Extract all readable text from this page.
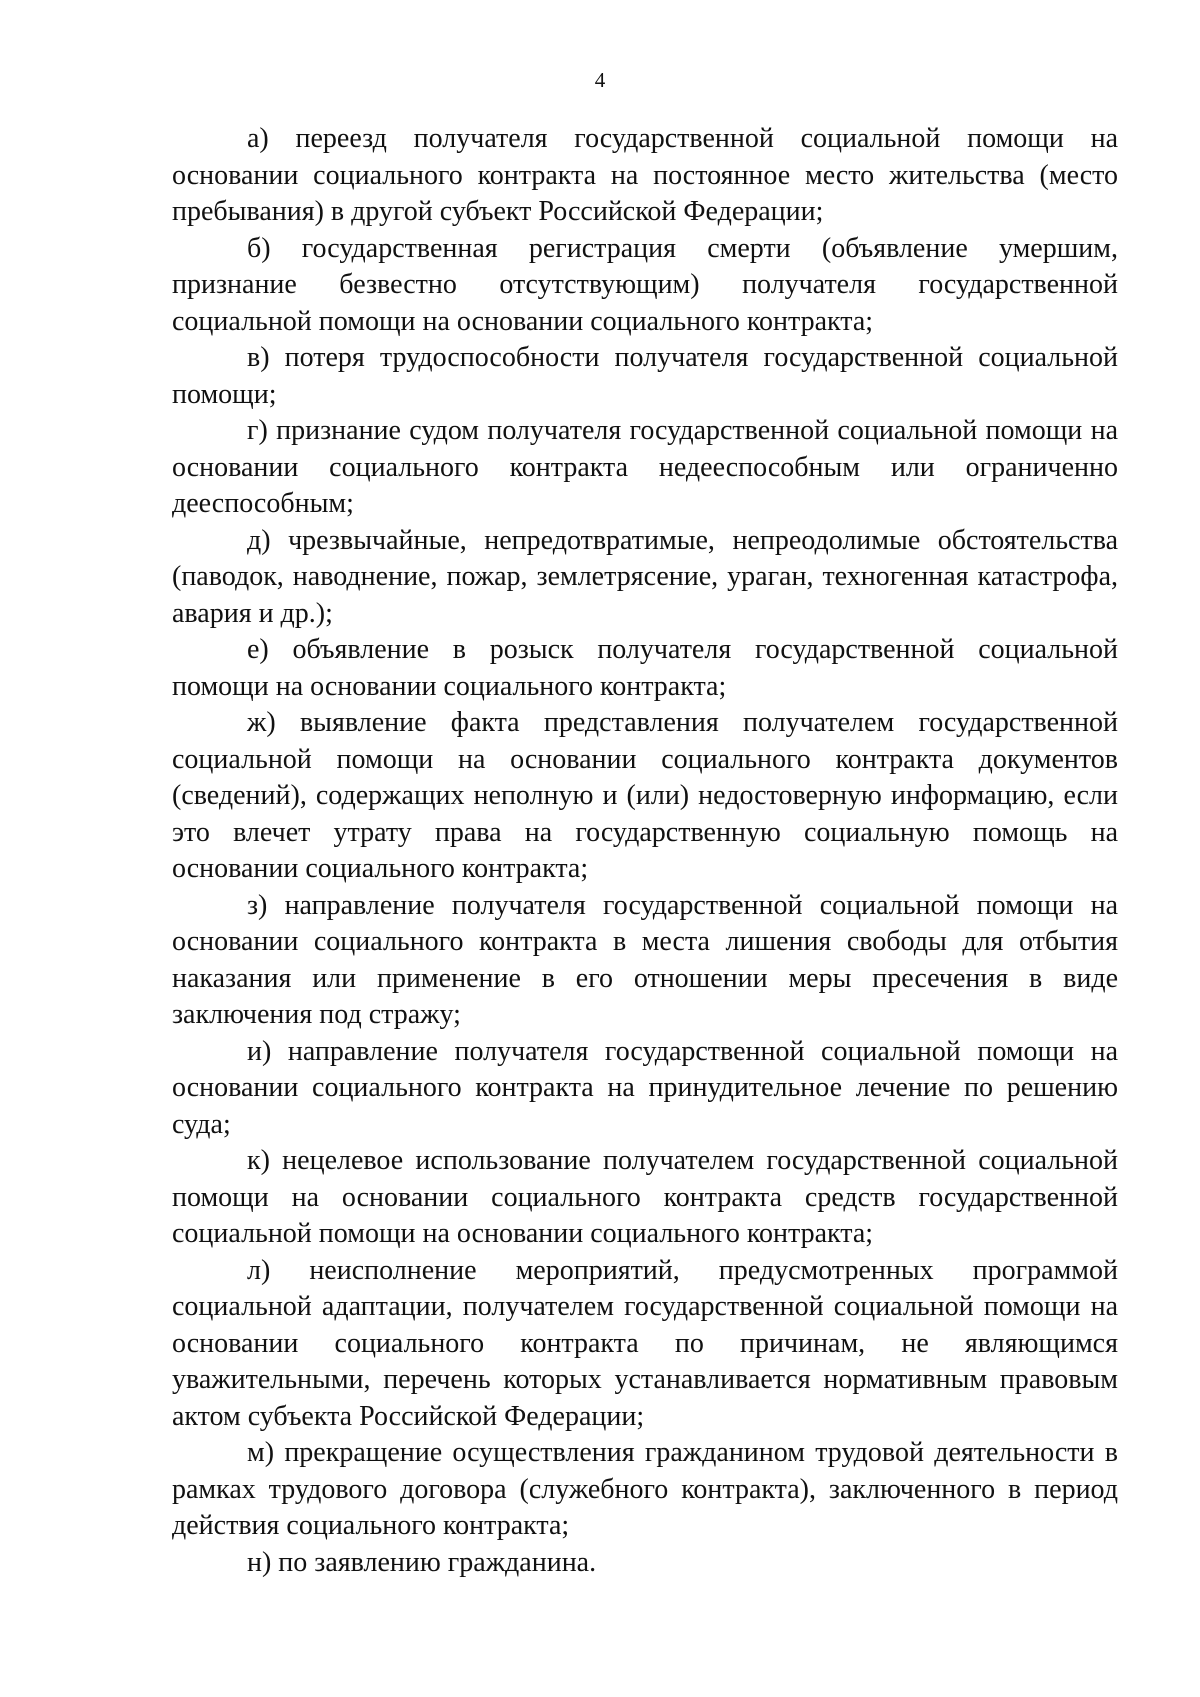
4

а) переезд получателя государственной социальной помощи на основании социального контракта на постоянное место жительства (место пребывания) в другой субъект Российской Федерации;

б) государственная регистрация смерти (объявление умершим, признание безвестно отсутствующим) получателя государственной социальной помощи на основании социального контракта;

в) потеря трудоспособности получателя государственной социальной помощи;

г) признание судом получателя государственной социальной помощи на основании социального контракта недееспособным или ограниченно дееспособным;

д) чрезвычайные, непредотвратимые, непреодолимые обстоятельства (паводок, наводнение, пожар, землетрясение, ураган, техногенная катастрофа, авария и др.);

е) объявление в розыск получателя государственной социальной помощи на основании социального контракта;

ж) выявление факта представления получателем государственной социальной помощи на основании социального контракта документов (сведений), содержащих неполную и (или) недостоверную информацию, если это влечет утрату права на государственную социальную помощь на основании социального контракта;

з) направление получателя государственной социальной помощи на основании социального контракта в места лишения свободы для отбытия наказания или применение в его отношении меры пресечения в виде заключения под стражу;

и) направление получателя государственной социальной помощи на основании социального контракта на принудительное лечение по решению суда;

к) нецелевое использование получателем государственной социальной помощи на основании социального контракта средств государственной социальной помощи на основании социального контракта;

л) неисполнение мероприятий, предусмотренных программой социальной адаптации, получателем государственной социальной помощи на основании социального контракта по причинам, не являющимся уважительными, перечень которых устанавливается нормативным правовым актом субъекта Российской Федерации;

м) прекращение осуществления гражданином трудовой деятельности в рамках трудового договора (служебного контракта), заключенного в период действия социального контракта;

н) по заявлению гражданина.
